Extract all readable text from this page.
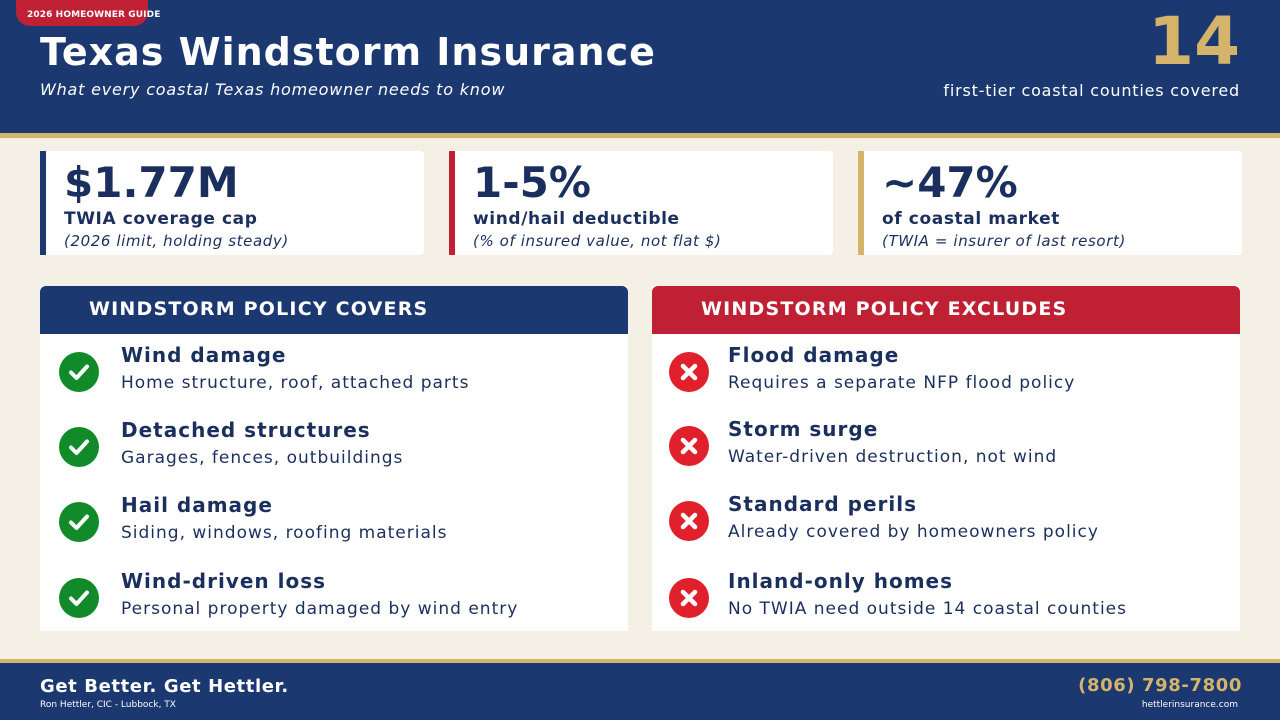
2026 HOMEOWNER GUIDE
Texas Windstorm Insurance
What every coastal Texas homeowner needs to know
14
first-tier coastal counties covered
$1.77M
TWIA coverage cap
(2026 limit, holding steady)
1-5%
wind/hail deductible
(% of insured value, not flat $)
~47%
of coastal market
(TWIA = insurer of last resort)
WINDSTORM POLICY COVERS
Wind damage
Home structure, roof, attached parts
Detached structures
Garages, fences, outbuildings
Hail damage
Siding, windows, roofing materials
Wind-driven loss
Personal property damaged by wind entry
WINDSTORM POLICY EXCLUDES
Flood damage
Requires a separate NFP flood policy
Storm surge
Water-driven destruction, not wind
Standard perils
Already covered by homeowners policy
Inland-only homes
No TWIA need outside 14 coastal counties
Get Better. Get Hettler.
Ron Hettler, CIC - Lubbock, TX
(806) 798-7800
hettlerinsurance.com
